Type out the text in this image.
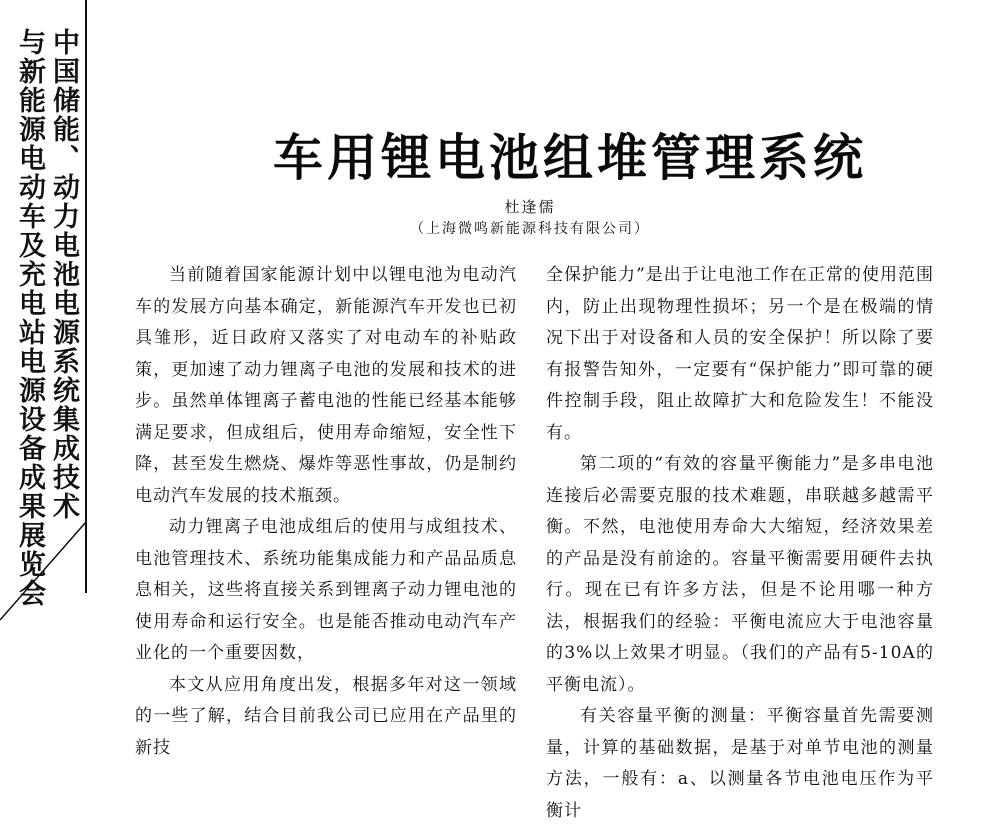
中国储能、动力电池电源系统集成技术
与新能源电动车及充电站电源设备成果展览会	车用锂电池组堆管理系统
杜逢儒
（上海微鸣新能源科技有限公司）

当前随着国家能源计划中以锂电池为电动汽车的发展方向基本确定，新能源汽车开发也已初具雏形，近日政府又落实了对电动车的补贴政策，更加速了动力锂离子电池的发展和技术的进步。虽然单体锂离子蓄电池的性能已经基本能够满足要求，但成组后，使用寿命缩短，安全性下降，甚至发生燃烧、爆炸等恶性事故，仍是制约电动汽车发展的技术瓶颈。

动力锂离子电池成组后的使用与成组技术、电池管理技术、系统功能集成能力和产品品质息息相关，这些将直接关系到锂离子动力锂电池的使用寿命和运行安全。也是能否推动电动汽车产业化的一个重要因数，

本文从应用角度出发，根据多年对这一领域的一些了解，结合目前我公司已应用在产品里的新技

全保护能力”是出于让电池工作在正常的使用范围内，防止出现物理性损坏；另一个是在极端的情况下出于对设备和人员的安全保护！所以除了要有报警告知外，一定要有“保护能力”即可靠的硬件控制手段，阻止故障扩大和危险发生！不能没有。

第二项的“有效的容量平衡能力”是多串电池连接后必需要克服的技术难题，串联越多越需平衡。不然，电池使用寿命大大缩短，经济效果差的产品是没有前途的。容量平衡需要用硬件去执行。现在已有许多方法，但是不论用哪一种方法，根据我们的经验：平衡电流应大于电池容量的3%以上效果才明显。（我们的产品有5-10A的平衡电流）。

有关容量平衡的测量：平衡容量首先需要测量，计算的基础数据，是基于对单节电池的测量方法，一般有：a、以测量各节电池电压作为平衡计
